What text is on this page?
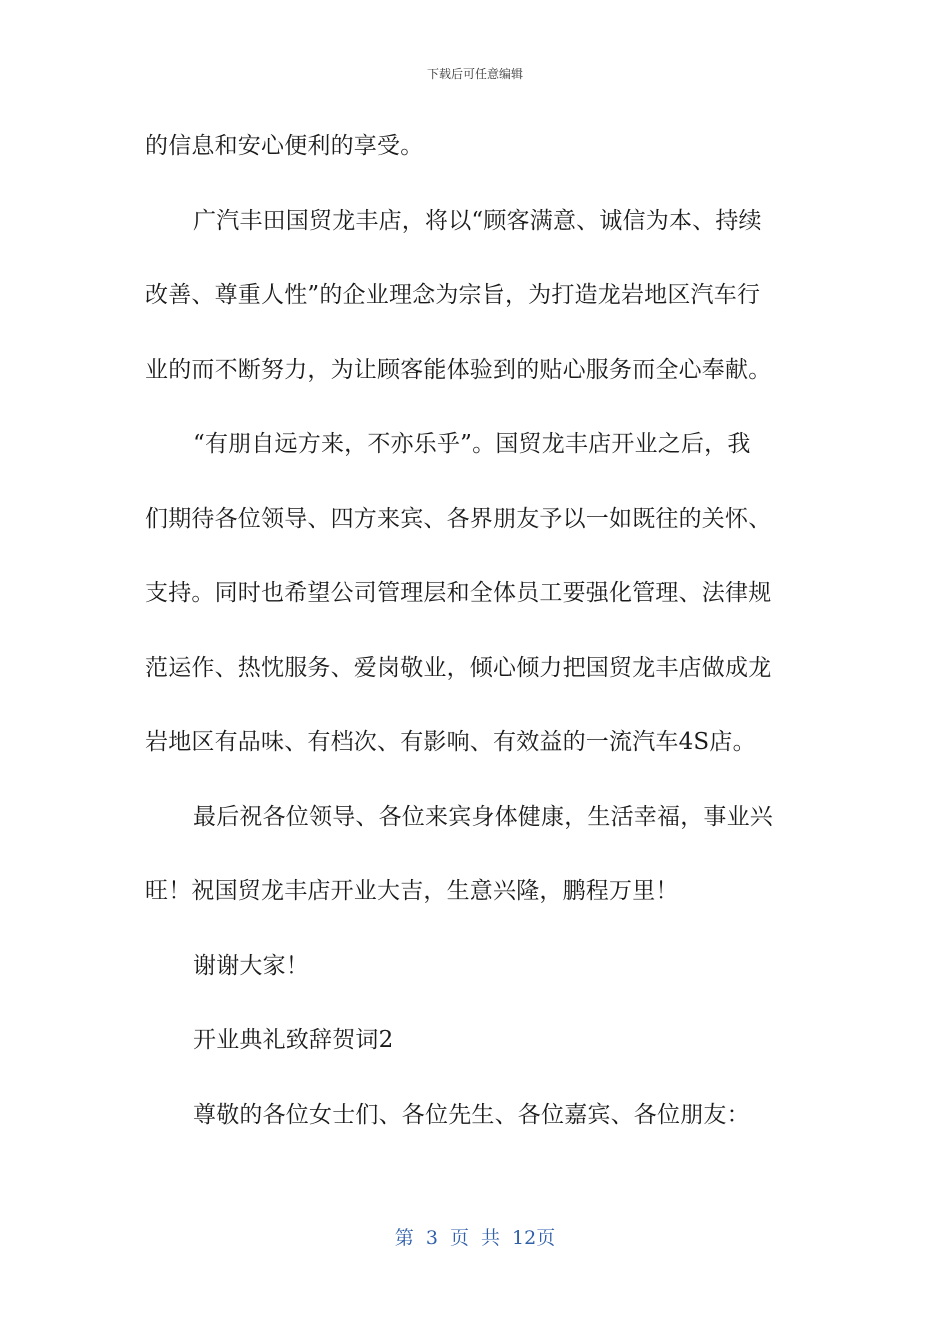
下载后可任意编辑
的信息和安心便利的享受。
广汽丰田国贸龙丰店，将以“顾客满意、诚信为本、持续
改善、尊重人性”的企业理念为宗旨，为打造龙岩地区汽车行
业的而不断努力，为让顾客能体验到的贴心服务而全心奉献。
“有朋自远方来，不亦乐乎”。国贸龙丰店开业之后，我
们期待各位领导、四方来宾、各界朋友予以一如既往的关怀、
支持。同时也希望公司管理层和全体员工要强化管理、法律规
范运作、热忱服务、爱岗敬业，倾心倾力把国贸龙丰店做成龙
岩地区有品味、有档次、有影响、有效益的一流汽车4S店。
最后祝各位领导、各位来宾身体健康，生活幸福，事业兴
旺！祝国贸龙丰店开业大吉，生意兴隆，鹏程万里！
谢谢大家！
开业典礼致辞贺词2
尊敬的各位女士们、各位先生、各位嘉宾、各位朋友：
第 3 页 共 12页
